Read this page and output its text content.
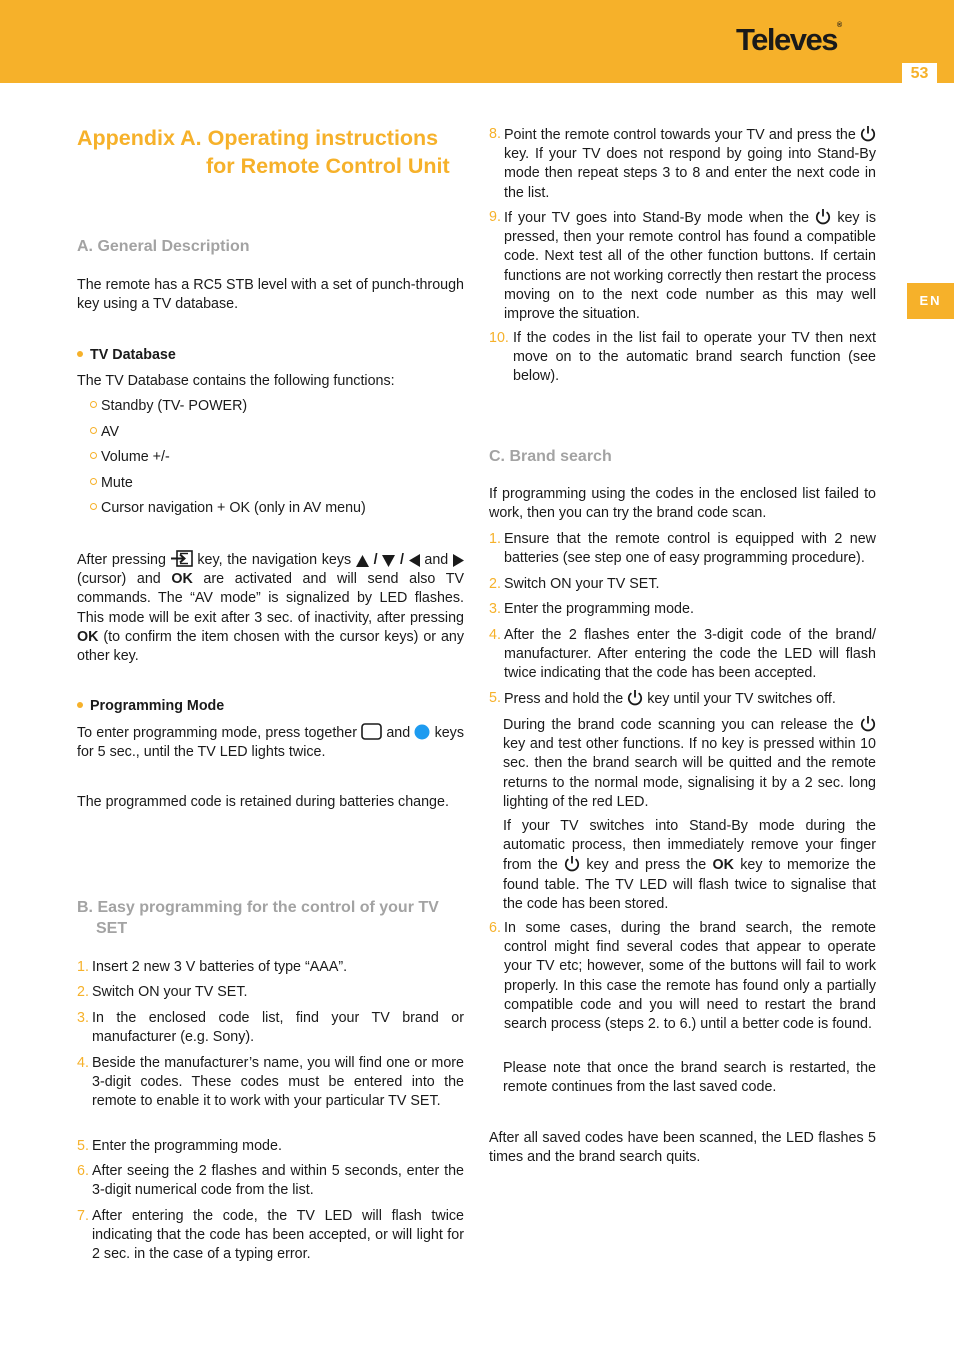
Televes®
53
EN
Appendix A. Operating instructions
for Remote Control Unit
A. General Description
The remote has a RC5 STB level with a set of punch-through key using a TV database.
TV Database
The TV Database contains the following functions:
Standby (TV- POWER)
AV
Volume +/-
Mute
Cursor navigation + OK (only in AV menu)
After pressing key, the navigation keys / / and  (cursor) and OK are activated and will send also TV commands. The “AV mode” is signalized by LED flashes. This mode will be exit after 3 sec. of inactivity, after pressing OK (to confirm the item chosen with the cursor keys) or any other key.
Programming Mode
To enter programming mode, press together and keys for 5 sec., until the TV LED lights twice.
The programmed code is retained during batteries change.
B. Easy programming for the control of your TV
SET
1. Insert 2 new 3 V batteries of type “AAA”.
2. Switch ON your TV SET.
3. In the enclosed code list, find your TV brand or manufacturer (e.g. Sony).
4. Beside the manufacturer’s name, you will find one or more 3-digit codes. These codes must be entered into the remote to enable it to work with your particular TV SET.
5. Enter the programming mode.
6. After seeing the 2 flashes and within 5 seconds, enter the 3-digit numerical code from the list.
7. After entering the code, the TV LED will flash twice indicating that the code has been accepted, or will light for 2 sec. in the case of a typing error.
8. Point the remote control towards your TV and press the  key. If your TV does not respond by going into Stand-By mode then repeat steps 3 to 8 and enter the next code in the list.
9. If your TV goes into Stand-By mode when the key is pressed, then your remote control has found a compatible code. Next test all of the other function buttons. If certain functions are not working correctly then restart the process moving on to the next code number as this may well improve the situation.
10. If the codes in the list fail to operate your TV then next move on to the automatic brand search function (see below).
C. Brand search
If programming using the codes in the enclosed list failed to work, then you can try the brand code scan.
1. Ensure that the remote control is equipped with 2 new batteries (see step one of easy programming procedure).
2. Switch ON your TV SET.
3. Enter the programming mode.
4. After the 2 flashes enter the 3-digit code of the brand/ manufacturer. After entering the code the LED will flash twice indicating that the code has been accepted.
5. Press and hold the key until your TV switches off.
During the brand code scanning you can release the  key and test other functions. If no key is pressed within 10 sec. then the brand search will be quitted and the remote returns to the normal mode, signalising it by a 2 sec. long lighting of the red LED.
If your TV switches into Stand-By mode during the automatic process, then immediately remove your finger from the key and press the OK key to memorize the found table. The TV LED will flash twice to signalise that the code has been stored.
6. In some cases, during the brand search, the remote control might find several codes that appear to operate your TV etc; however, some of the buttons will fail to work properly. In this case the remote has found only a partially compatible code and you will need to restart the brand search process (steps 2. to 6.) until a better code is found.
Please note that once the brand search is restarted, the remote continues from the last saved code.
After all saved codes have been scanned, the LED flashes 5 times and the brand search quits.
